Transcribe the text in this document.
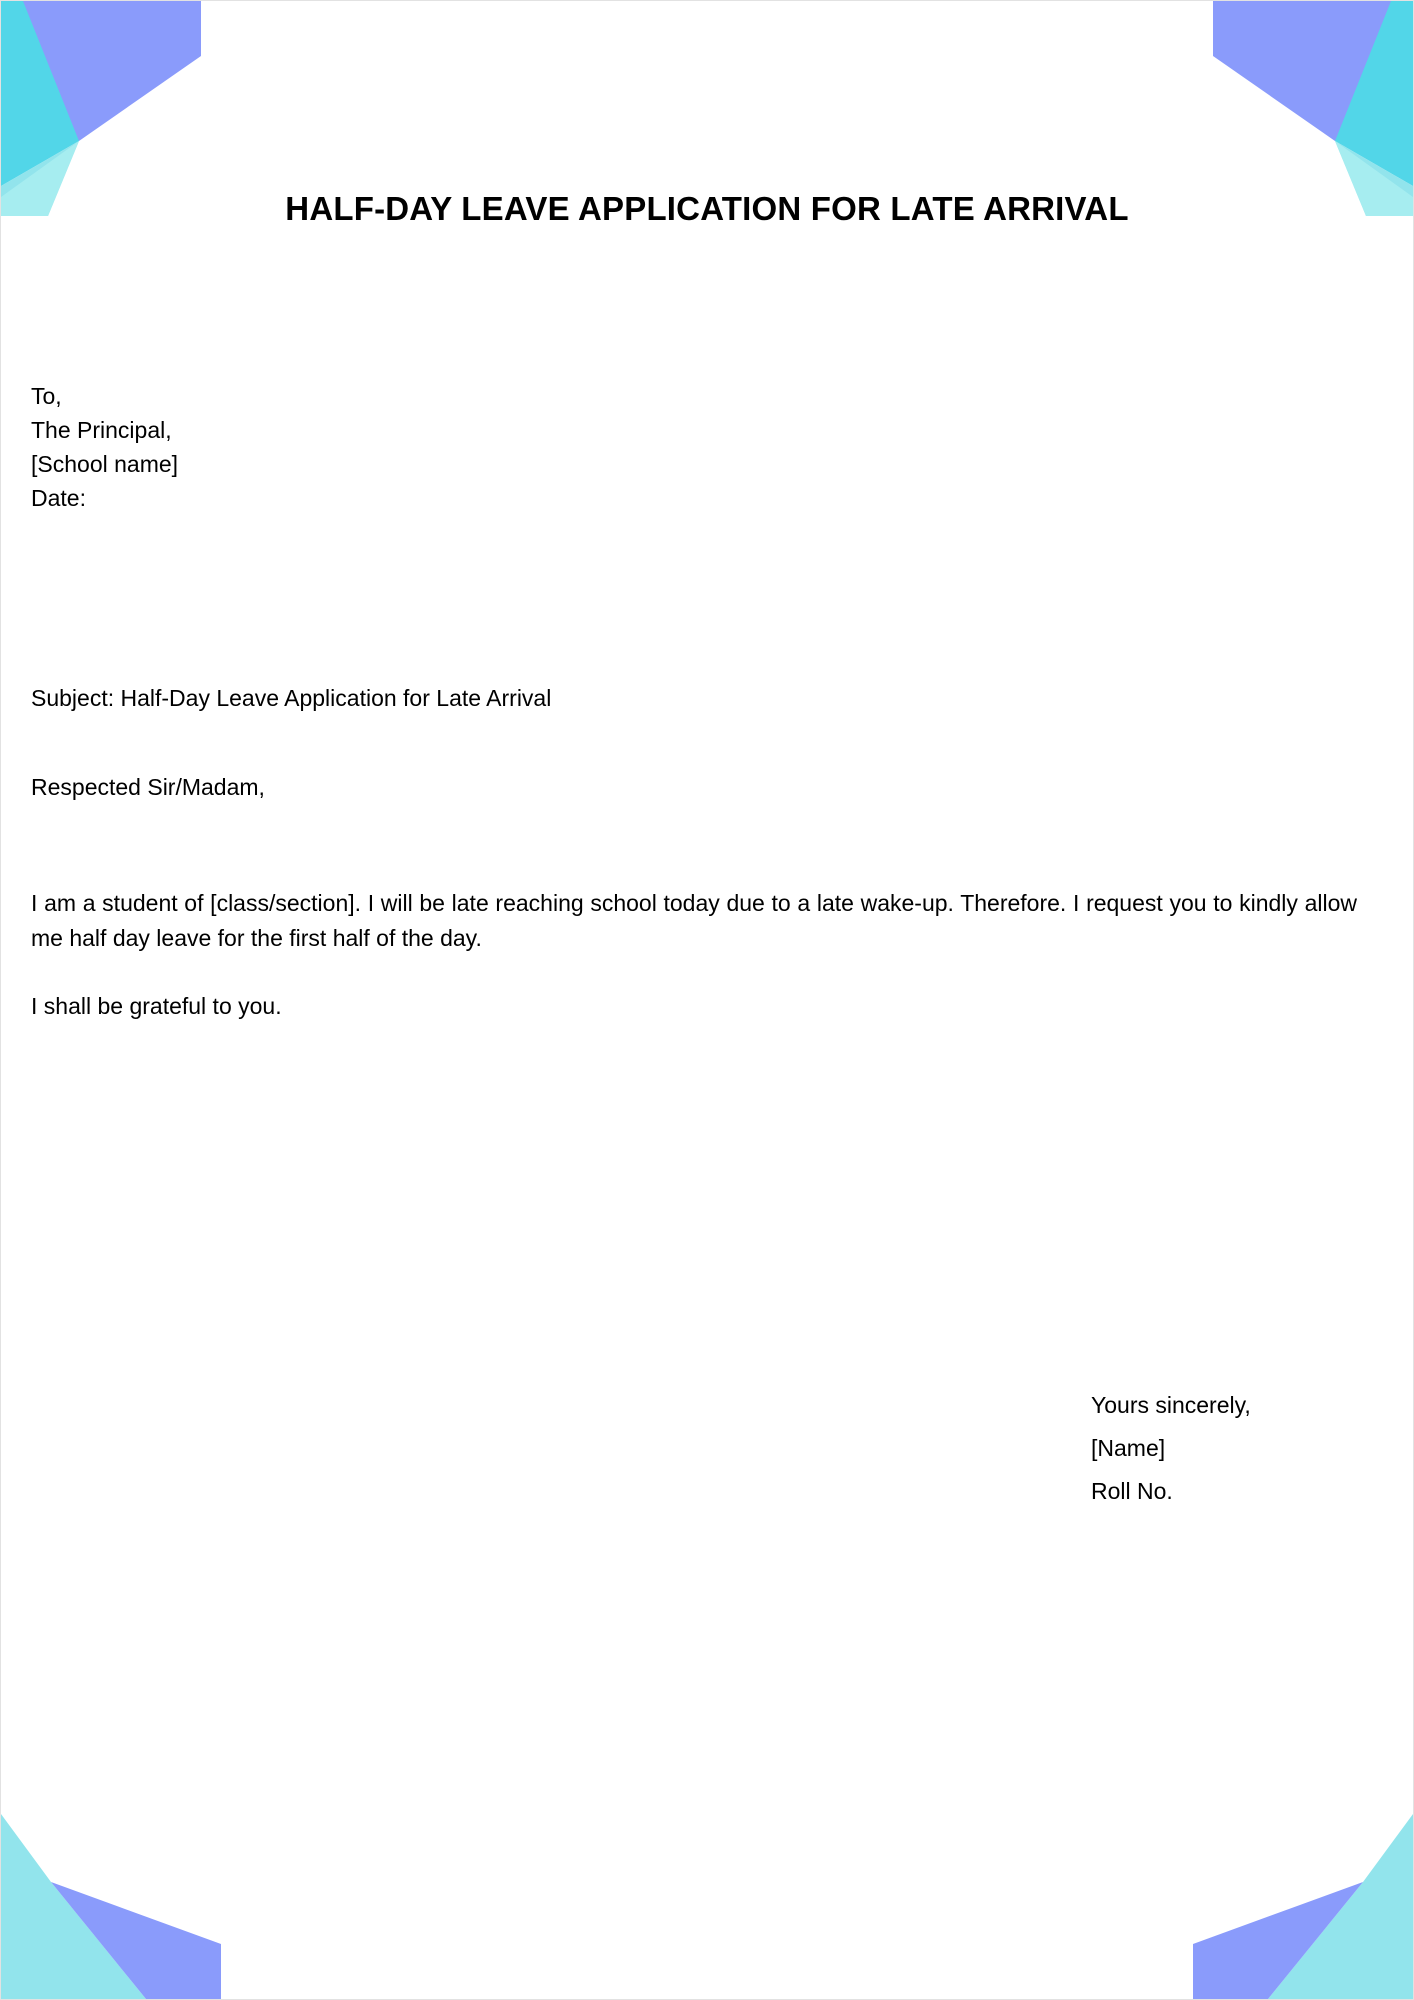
HALF-DAY LEAVE APPLICATION FOR LATE ARRIVAL
To,
The Principal,
[School name]
Date:
Subject: Half-Day Leave Application for Late Arrival
Respected Sir/Madam,

I am a student of [class/section]. I will be late reaching school today due to a late wake-up. Therefore. I request you to kindly allow me half day leave for the first half of the day.

I shall be grateful to you.
Yours sincerely,
[Name]
Roll No.
